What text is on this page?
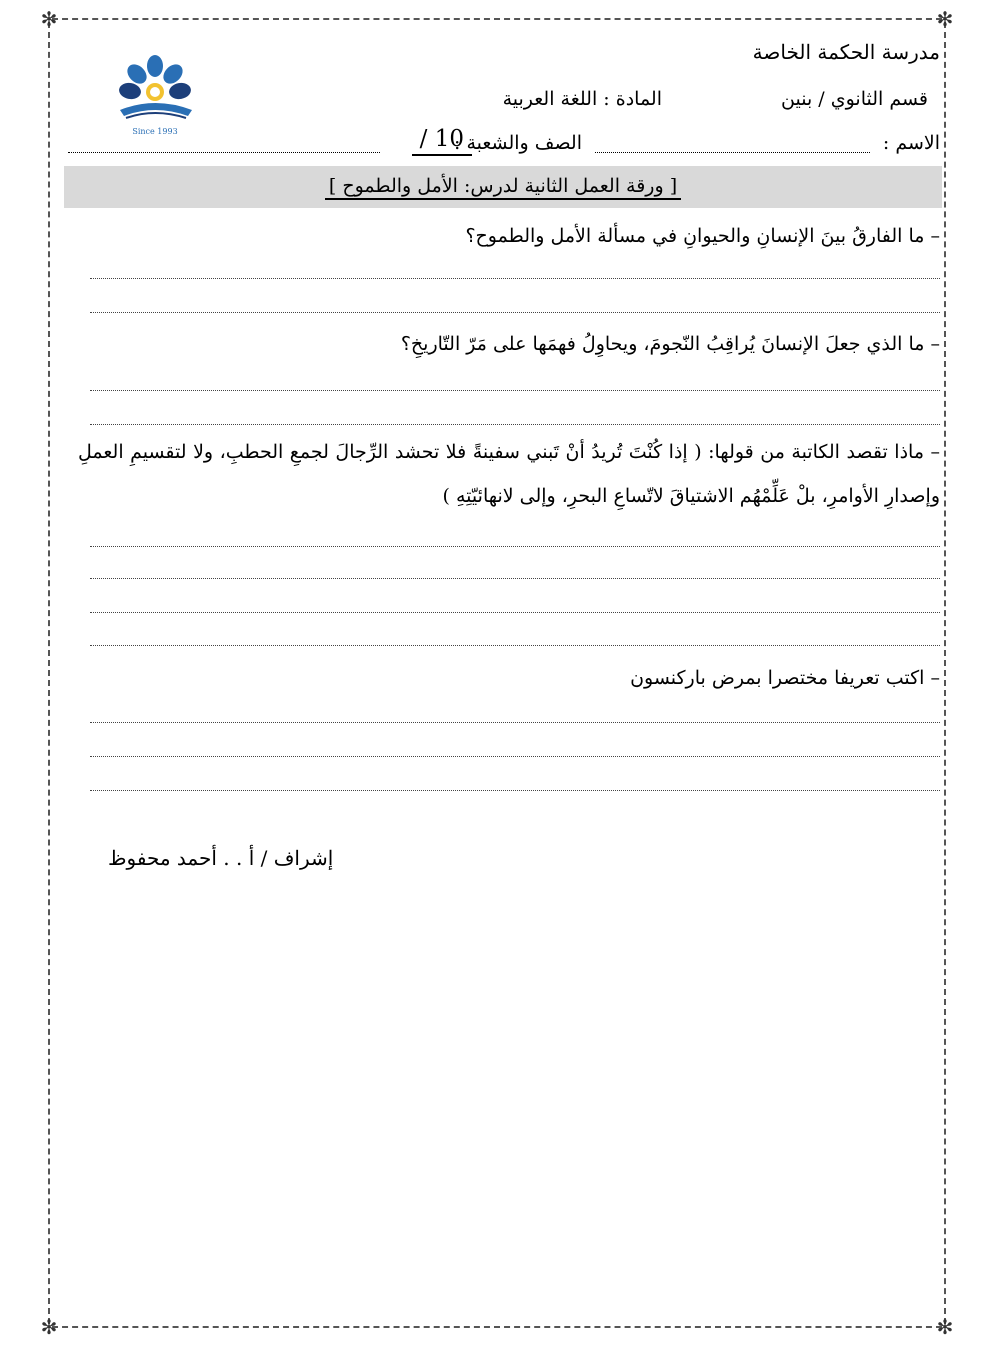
✻	✻
✻	✻
مدرسة الحكمة الخاصة
قسم الثانوي / بنين
المادة : اللغة العربية
Since 1993
الاسم :
الصف والشعبة :
10 /
[ ورقة العمل الثانية لدرس: الأمل والطموح ]
– ما الفارقُ بينَ الإنسانِ والحيوانِ في مسألة الأمل والطموح؟
– ما الذي جعلَ الإنسانَ يُراقِبُ النّجومَ، ويحاوِلُ فهمَها على مَرّ التّاريخِ؟
– ماذا تقصد الكاتبة من قولها: ( إذا كُنْتَ تُريدُ أنْ تَبني سفينةً فلا تحشد الرِّجالَ لجمعِ الحطبِ، ولا لتقسيمِ العملِ وإصدارِ الأوامرِ، بلْ عَلِّمْهُم الاشتياقَ لاتّساعِ البحرِ، وإلى لانهائيّتِهِ )
– اكتب تعريفا مختصرا بمرض باركنسون
إشراف / أ . . أحمد محفوظ
